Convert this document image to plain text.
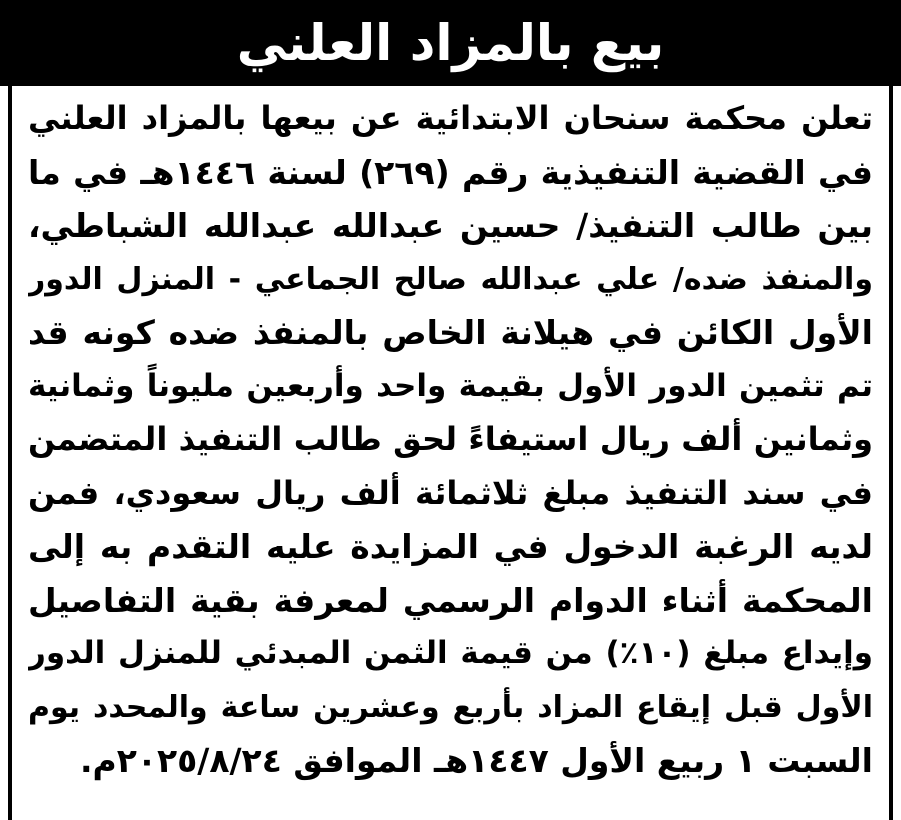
بيع بالمزاد العلني
تعلن محكمة سنحان الابتدائية عن بيعها بالمزاد العلني
في القضية التنفيذية رقم (٢٦٩) لسنة ١٤٤٦هـ في ما
بين طالب التنفيذ/ حسين عبدالله عبدالله الشباطي،
والمنفذ ضده/ علي عبدالله صالح الجماعي - المنزل الدور
الأول الكائن في هيلانة الخاص بالمنفذ ضده كونه قد
تم تثمين الدور الأول بقيمة واحد وأربعين مليوناً وثمانية
وثمانين ألف ريال استيفاءً لحق طالب التنفيذ المتضمن
في سند التنفيذ مبلغ ثلاثمائة ألف ريال سعودي، فمن
لديه الرغبة الدخول في المزايدة عليه التقدم به إلى
المحكمة أثناء الدوام الرسمي لمعرفة بقية التفاصيل
وإيداع مبلغ (١٠٪) من قيمة الثمن المبدئي للمنزل الدور
الأول قبل إيقاع المزاد بأربع وعشرين ساعة والمحدد يوم
السبت ١ ربيع الأول ١٤٤٧هـ الموافق ٢٠٢٥/٨/٢٤م.
